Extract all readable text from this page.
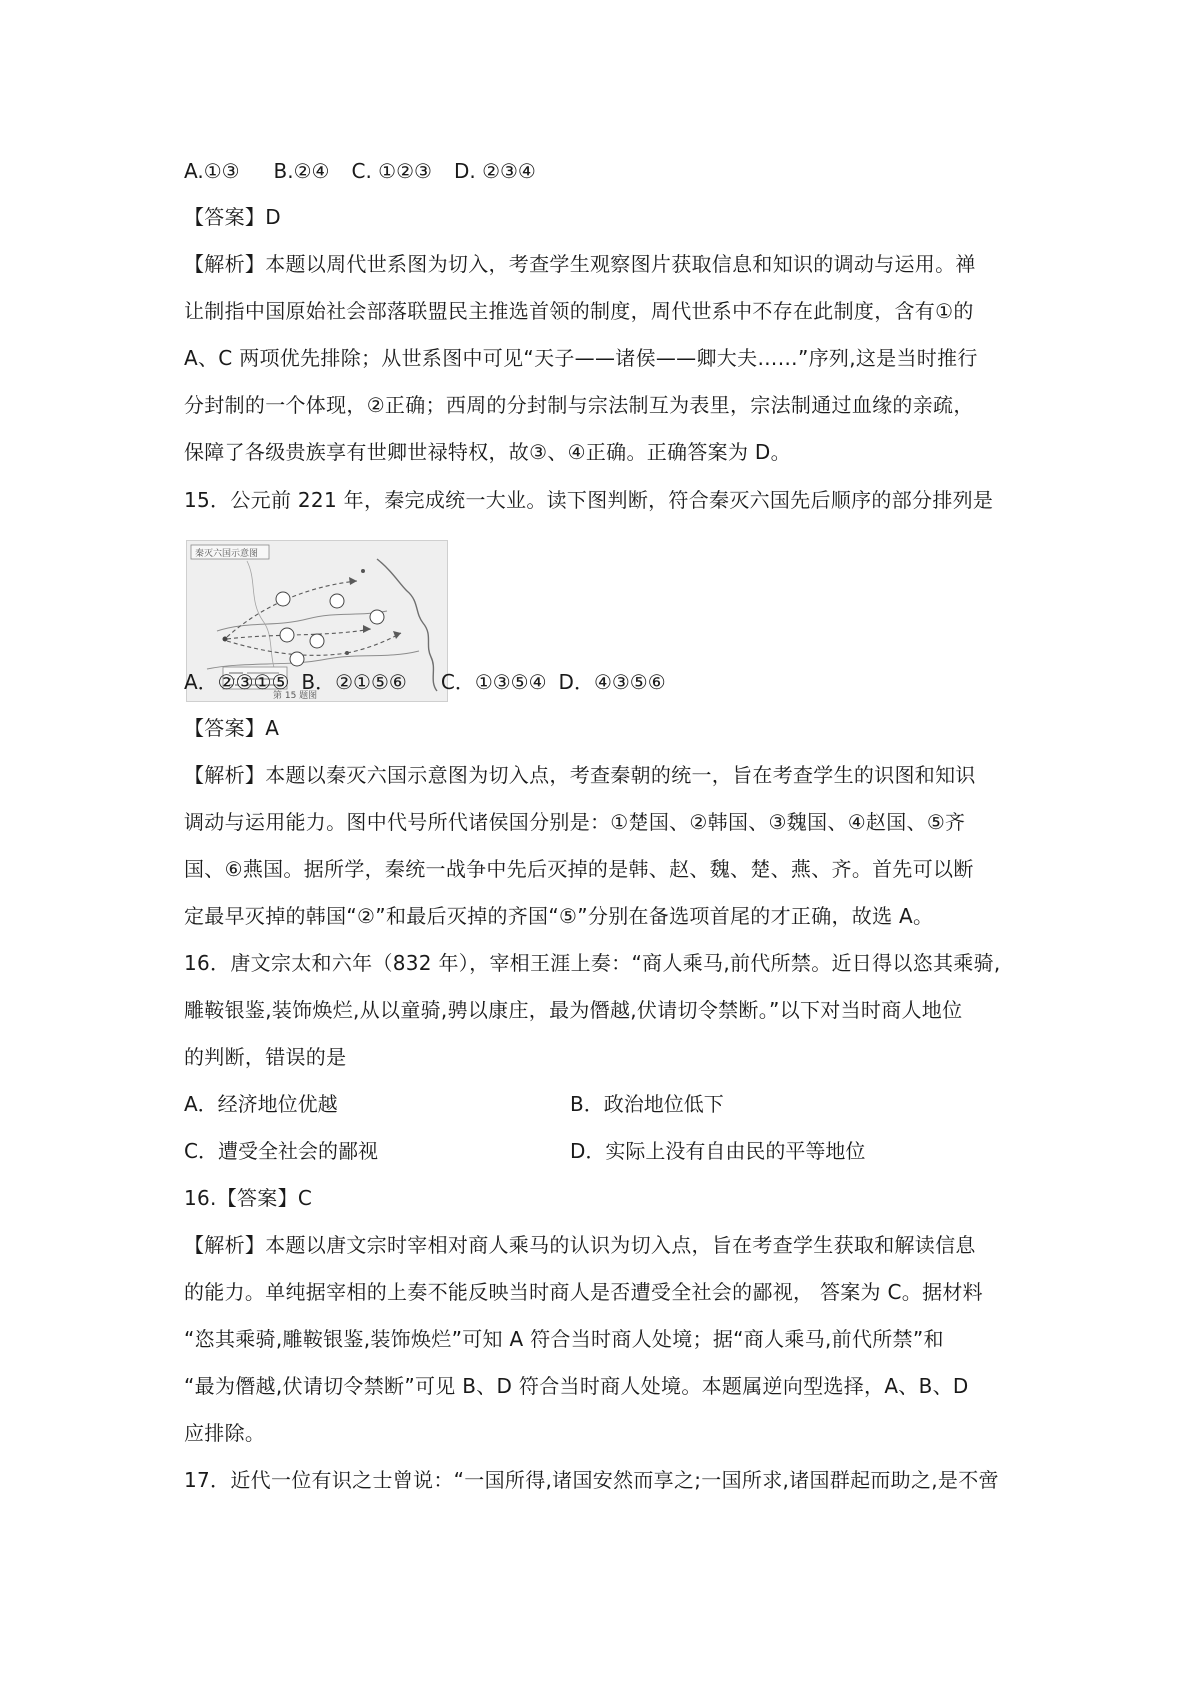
A.①③ B.②④ C. ①②③ D. ②③④
【答案】D
【解析】本题以周代世系图为切入，考查学生观察图片获取信息和知识的调动与运用。禅
让制指中国原始社会部落联盟民主推选首领的制度，周代世系中不存在此制度，含有①的
A、C 两项优先排除；从世系图中可见“天子——诸侯——卿大夫……”序列,这是当时推行
分封制的一个体现，②正确；西周的分封制与宗法制互为表里，宗法制通过血缘的亲疏，
保障了各级贵族享有世卿世禄特权，故③、④正确。正确答案为 D。
15．公元前 221 年，秦完成统一大业。读下图判断，符合秦灭六国先后顺序的部分排列是
秦灭六国示意图
第 15 题图
A．②③①⑤ B．②①⑤⑥ C．①③⑤④ D．④③⑤⑥
【答案】A
【解析】本题以秦灭六国示意图为切入点，考查秦朝的统一，旨在考查学生的识图和知识
调动与运用能力。图中代号所代诸侯国分别是：①楚国、②韩国、③魏国、④赵国、⑤齐
国、⑥燕国。据所学，秦统一战争中先后灭掉的是韩、赵、魏、楚、燕、齐。首先可以断
定最早灭掉的韩国“②”和最后灭掉的齐国“⑤”分别在备选项首尾的才正确，故选 A。
16．唐文宗太和六年（832 年），宰相王涯上奏：“商人乘马,前代所禁。近日得以恣其乘骑,
雕鞍银鉴,装饰焕烂,从以童骑,骋以康庄，最为僭越,伏请切令禁断。”以下对当时商人地位
的判断，错误的是
A．经济地位优越	B．政治地位低下
C．遭受全社会的鄙视	D．实际上没有自由民的平等地位
16.【答案】C
【解析】本题以唐文宗时宰相对商人乘马的认识为切入点，旨在考查学生获取和解读信息
的能力。单纯据宰相的上奏不能反映当时商人是否遭受全社会的鄙视， 答案为 C。据材料
“恣其乘骑,雕鞍银鉴,装饰焕烂”可知 A 符合当时商人处境；据“商人乘马,前代所禁”和
“最为僭越,伏请切令禁断”可见 B、D 符合当时商人处境。本题属逆向型选择，A、B、D
应排除。
17．近代一位有识之士曾说：“一国所得,诸国安然而享之;一国所求,诸国群起而助之,是不啻
